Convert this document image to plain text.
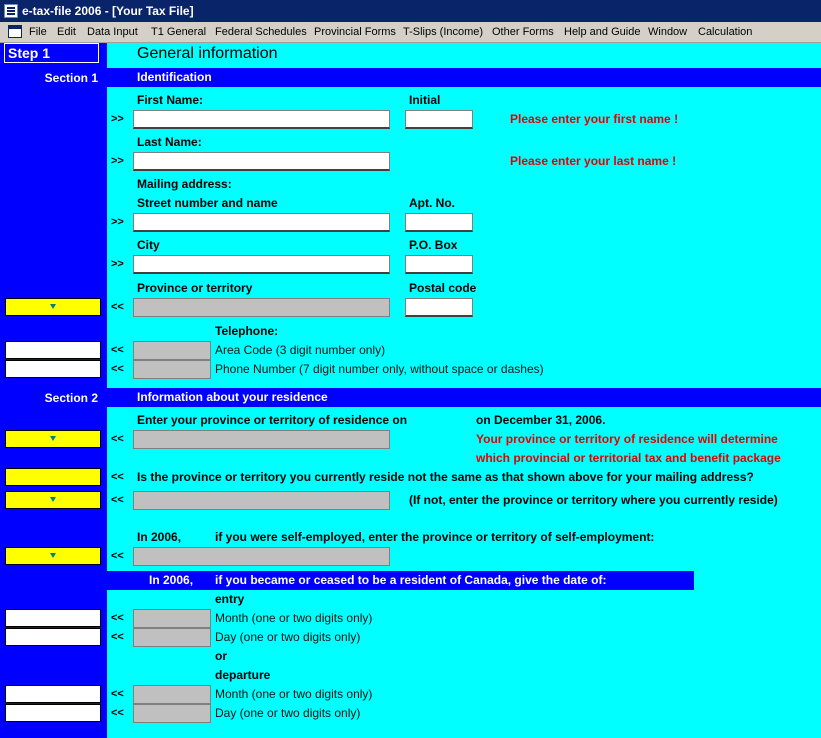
e-tax-file 2006 - [Your Tax File]
File Edit Data Input T1 General Federal Schedules Provincial Forms T-Slips (Income) Other Forms Help and Guide Window Calculation
Step 1	General information
Section 1	Identification
First Name:	Initial
>>	Please enter your first name !
Last Name:
>>	Please enter your last name !
Mailing address:
Street number and name	Apt. No.
>>
City	P.O. Box
>>
Province or territory	Postal code
<<
Telephone:
<<	Area Code (3 digit number only)
<<	Phone Number (7 digit number only, without space or dashes)
Section 2	Information about your residence
Enter your province or territory of residence on	on December 31, 2006.
<<	Your province or territory of residence will determine
which provincial or territorial tax and benefit package
<< Is the province or territory you currently reside not the same as that shown above for your mailing address?
<<	(If not, enter the province or territory where you currently reside)
In 2006,	if you were self-employed, enter the province or territory of self-employment:
<<
In 2006, if you became or ceased to be a resident of Canada, give the date of:
entry
<<	Month (one or two digits only)
<<	Day (one or two digits only)
or
departure
<<	Month (one or two digits only)
<<	Day (one or two digits only)
